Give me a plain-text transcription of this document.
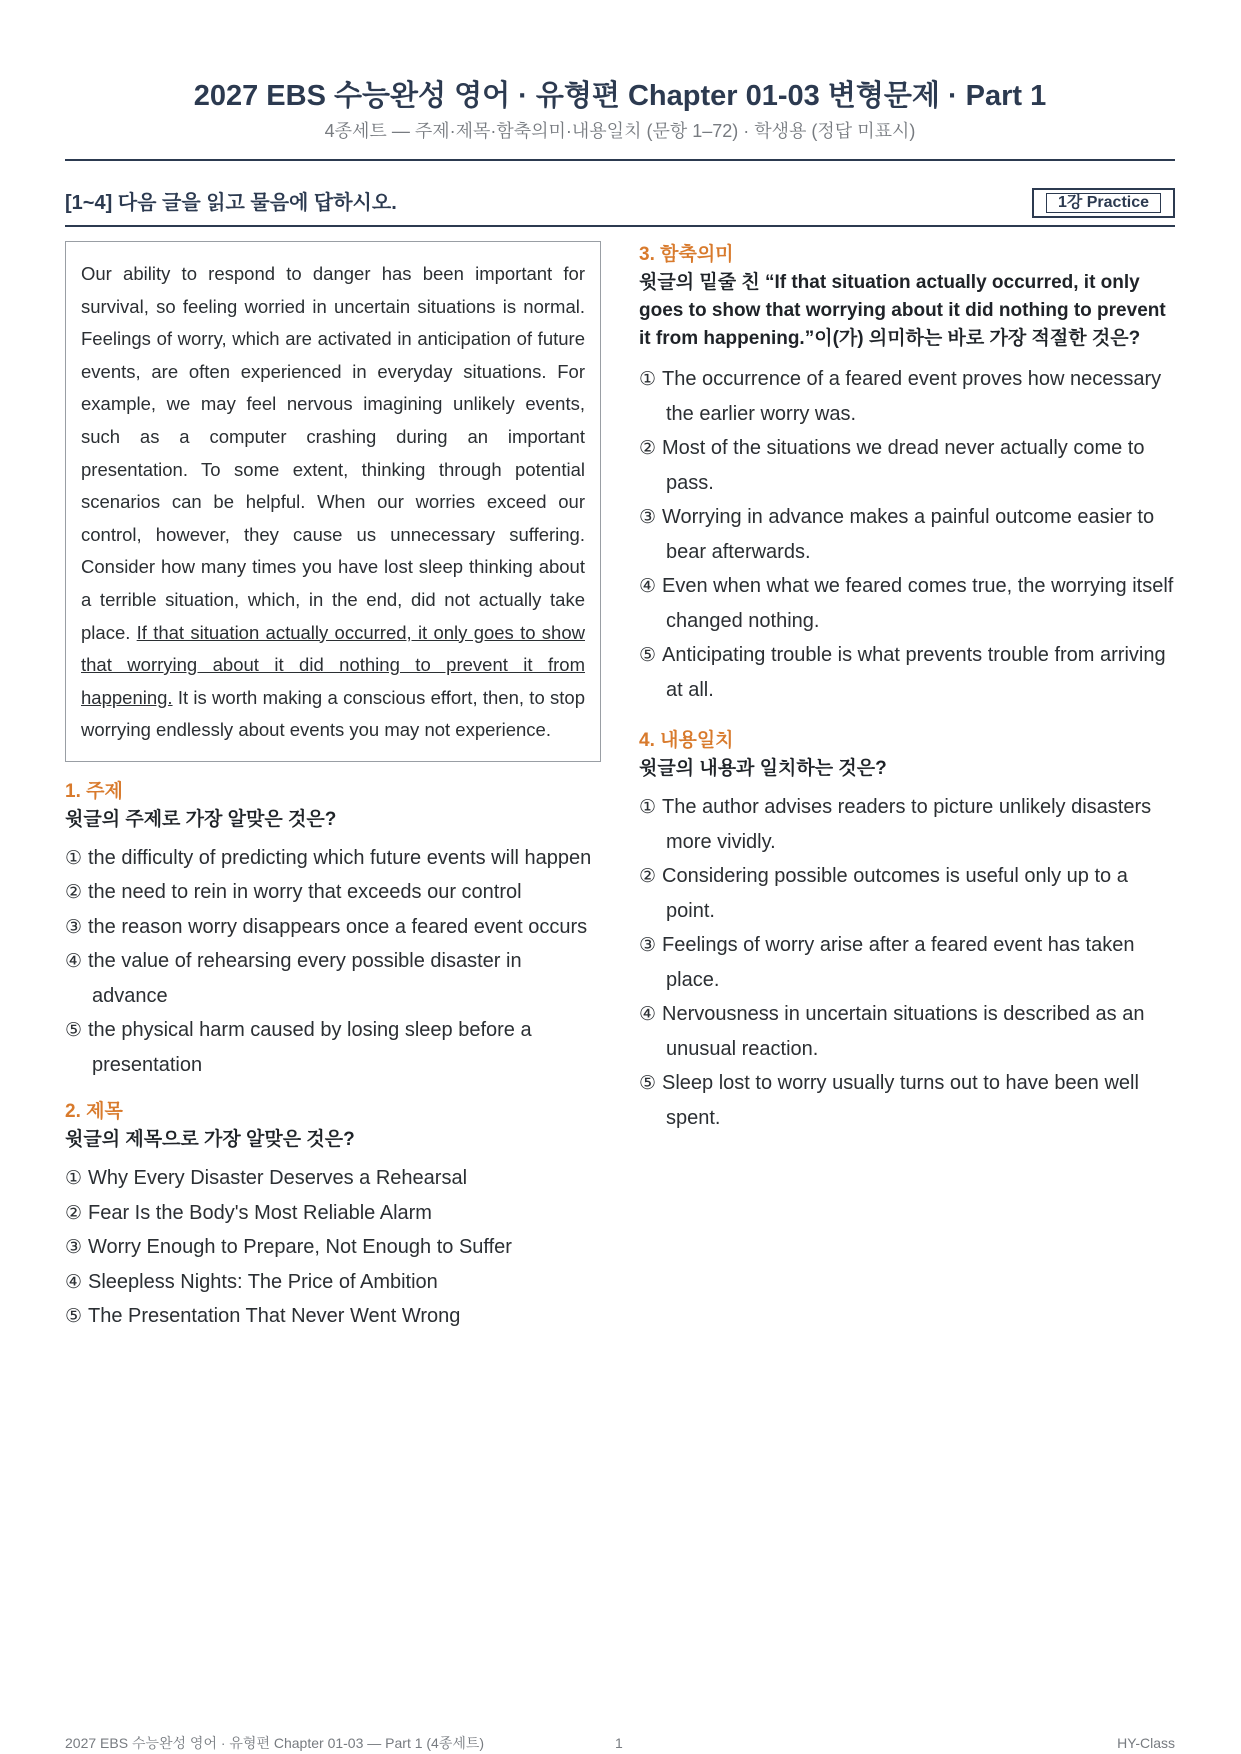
2027 EBS 수능완성 영어 · 유형편 Chapter 01-03 변형문제 · Part 1
4종세트 — 주제·제목·함축의미·내용일치 (문항 1–72) · 학생용 (정답 미표시)
[1~4] 다음 글을 읽고 물음에 답하시오.	1강 Practice
Our ability to respond to danger has been important for survival, so feeling worried in uncertain situations is normal. Feelings of worry, which are activated in anticipation of future events, are often experienced in everyday situations. For example, we may feel nervous imagining unlikely events, such as a computer crashing during an important presentation. To some extent, thinking through potential scenarios can be helpful. When our worries exceed our control, however, they cause us unnecessary suffering. Consider how many times you have lost sleep thinking about a terrible situation, which, in the end, did not actually take place. If that situation actually occurred, it only goes to show that worrying about it did nothing to prevent it from happening. It is worth making a conscious effort, then, to stop worrying endlessly about events you may not experience.
1. 주제
윗글의 주제로 가장 알맞은 것은?
① the difficulty of predicting which future events will happen
② the need to rein in worry that exceeds our control
③ the reason worry disappears once a feared event occurs
④ the value of rehearsing every possible disaster in advance
⑤ the physical harm caused by losing sleep before a presentation
2. 제목
윗글의 제목으로 가장 알맞은 것은?
① Why Every Disaster Deserves a Rehearsal
② Fear Is the Body's Most Reliable Alarm
③ Worry Enough to Prepare, Not Enough to Suffer
④ Sleepless Nights: The Price of Ambition
⑤ The Presentation That Never Went Wrong
3. 함축의미
윗글의 밑줄 친 “If that situation actually occurred, it only goes to show that worrying about it did nothing to prevent it from happening.”이(가) 의미하는 바로 가장 적절한 것은?
① The occurrence of a feared event proves how necessary the earlier worry was.
② Most of the situations we dread never actually come to pass.
③ Worrying in advance makes a painful outcome easier to bear afterwards.
④ Even when what we feared comes true, the worrying itself changed nothing.
⑤ Anticipating trouble is what prevents trouble from arriving at all.
4. 내용일치
윗글의 내용과 일치하는 것은?
① The author advises readers to picture unlikely disasters more vividly.
② Considering possible outcomes is useful only up to a point.
③ Feelings of worry arise after a feared event has taken place.
④ Nervousness in uncertain situations is described as an unusual reaction.
⑤ Sleep lost to worry usually turns out to have been well spent.
2027 EBS 수능완성 영어 · 유형편 Chapter 01-03 — Part 1 (4종세트)	1	HY-Class
